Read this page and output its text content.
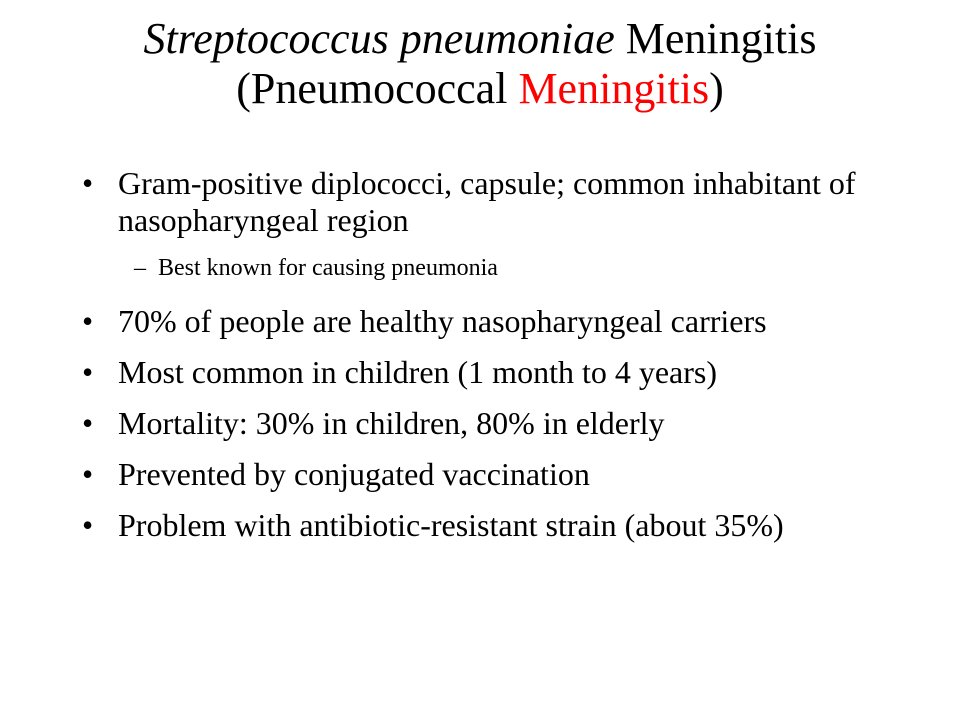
Streptococcus pneumoniae Meningitis
(Pneumococcal Meningitis)
• Gram-positive diplococci, capsule; common inhabitant of nasopharyngeal region
– Best known for causing pneumonia
• 70% of people are healthy nasopharyngeal carriers
• Most common in children (1 month to 4 years)
• Mortality: 30% in children, 80% in elderly
• Prevented by conjugated vaccination
• Problem with antibiotic-resistant strain (about 35%)
